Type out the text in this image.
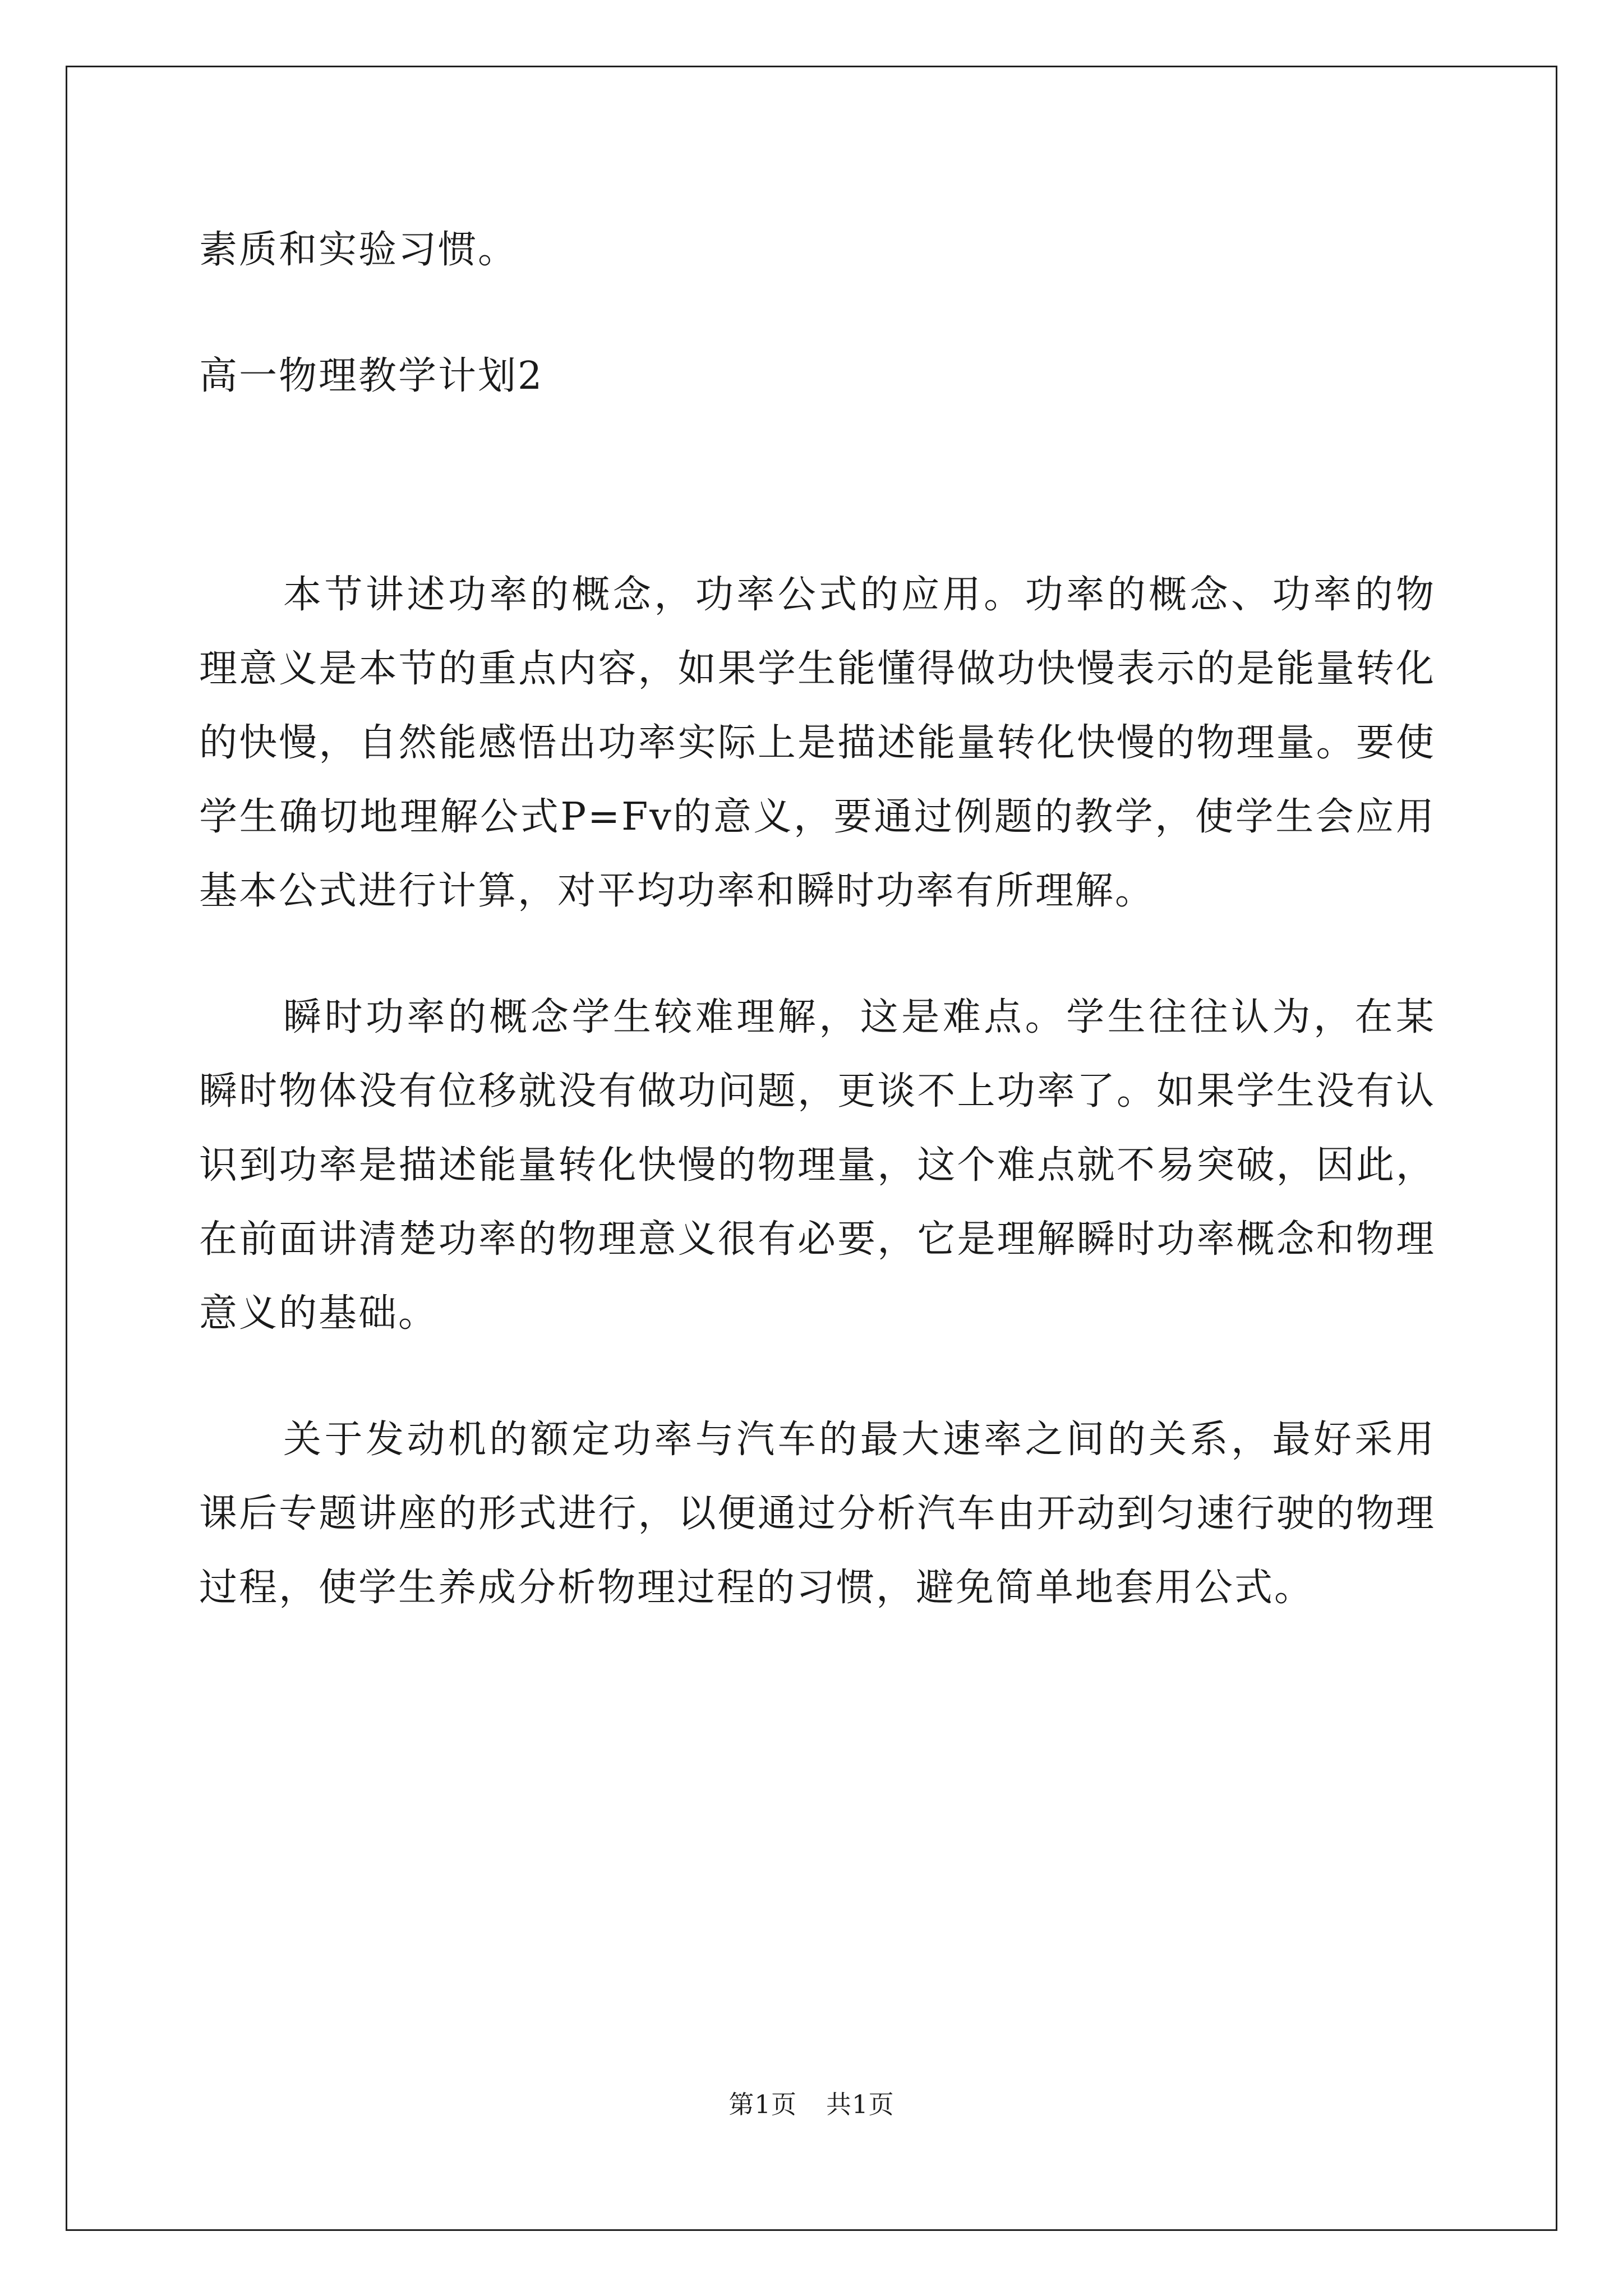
素质和实验习惯。

高一物理教学计划2

本节讲述功率的概念，功率公式的应用。功率的概念、功率的物理意义是本节的重点内容，如果学生能懂得做功快慢表示的是能量转化的快慢，自然能感悟出功率实际上是描述能量转化快慢的物理量。要使学生确切地理解公式P=Fv的意义，要通过例题的教学，使学生会应用基本公式进行计算，对平均功率和瞬时功率有所理解。

瞬时功率的概念学生较难理解，这是难点。学生往往认为，在某瞬时物体没有位移就没有做功问题，更谈不上功率了。如果学生没有认识到功率是描述能量转化快慢的物理量，这个难点就不易突破，因此，在前面讲清楚功率的物理意义很有必要，它是理解瞬时功率概念和物理意义的基础。

关于发动机的额定功率与汽车的最大速率之间的关系，最好采用课后专题讲座的形式进行，以便通过分析汽车由开动到匀速行驶的物理过程，使学生养成分析物理过程的习惯，避免简单地套用公式。

第1页 共1页
